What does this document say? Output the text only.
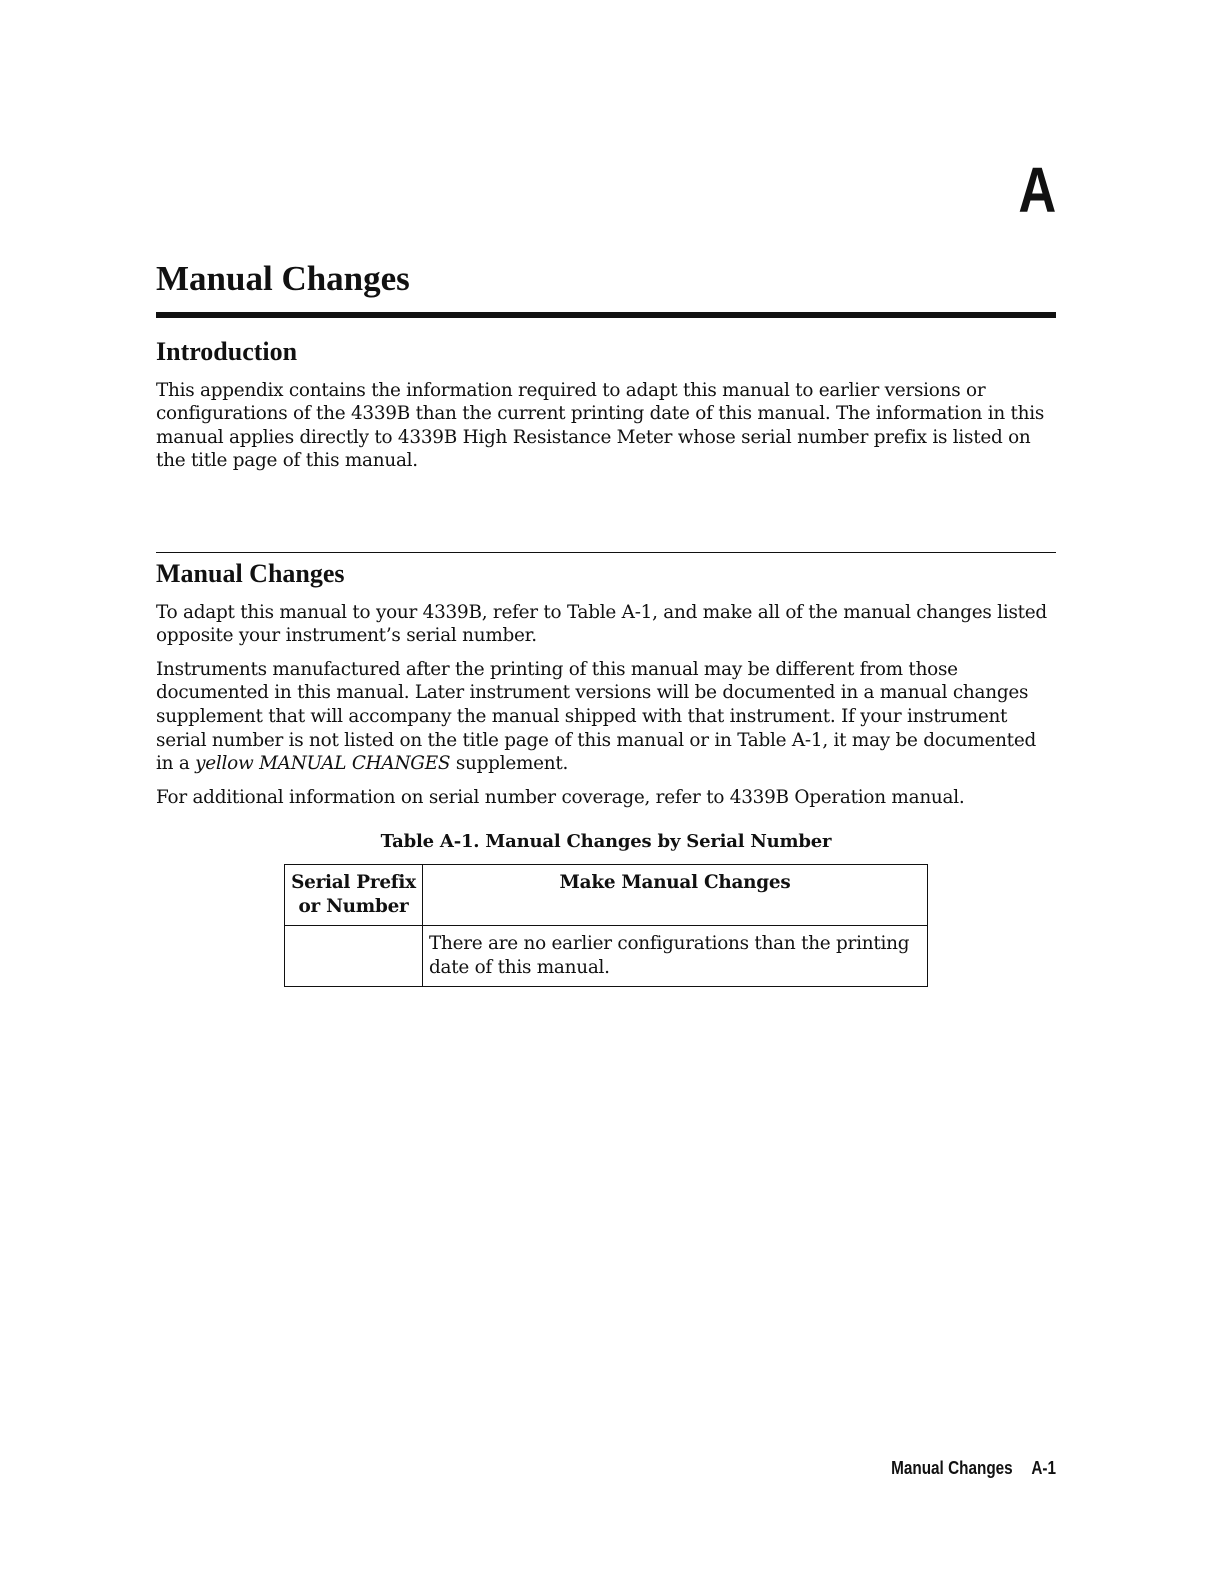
A
Manual Changes
Introduction

This appendix contains the information required to adapt this manual to earlier versions or configurations of the 4339B than the current printing date of this manual. The information in this manual applies directly to 4339B High Resistance Meter whose serial number prefix is listed on the title page of this manual.

Manual Changes

To adapt this manual to your 4339B, refer to Table A-1, and make all of the manual changes listed opposite your instrument’s serial number.

Instruments manufactured after the printing of this manual may be different from those documented in this manual. Later instrument versions will be documented in a manual changes supplement that will accompany the manual shipped with that instrument. If your instrument serial number is not listed on the title page of this manual or in Table A-1, it may be documented in a yellow MANUAL CHANGES supplement.

For additional information on serial number coverage, refer to 4339B Operation manual.

Table A-1. Manual Changes by Serial Number
Serial Prefix or Number	Make Manual Changes
	There are no earlier configurations than the printing date of this manual.
Manual Changes A-1
